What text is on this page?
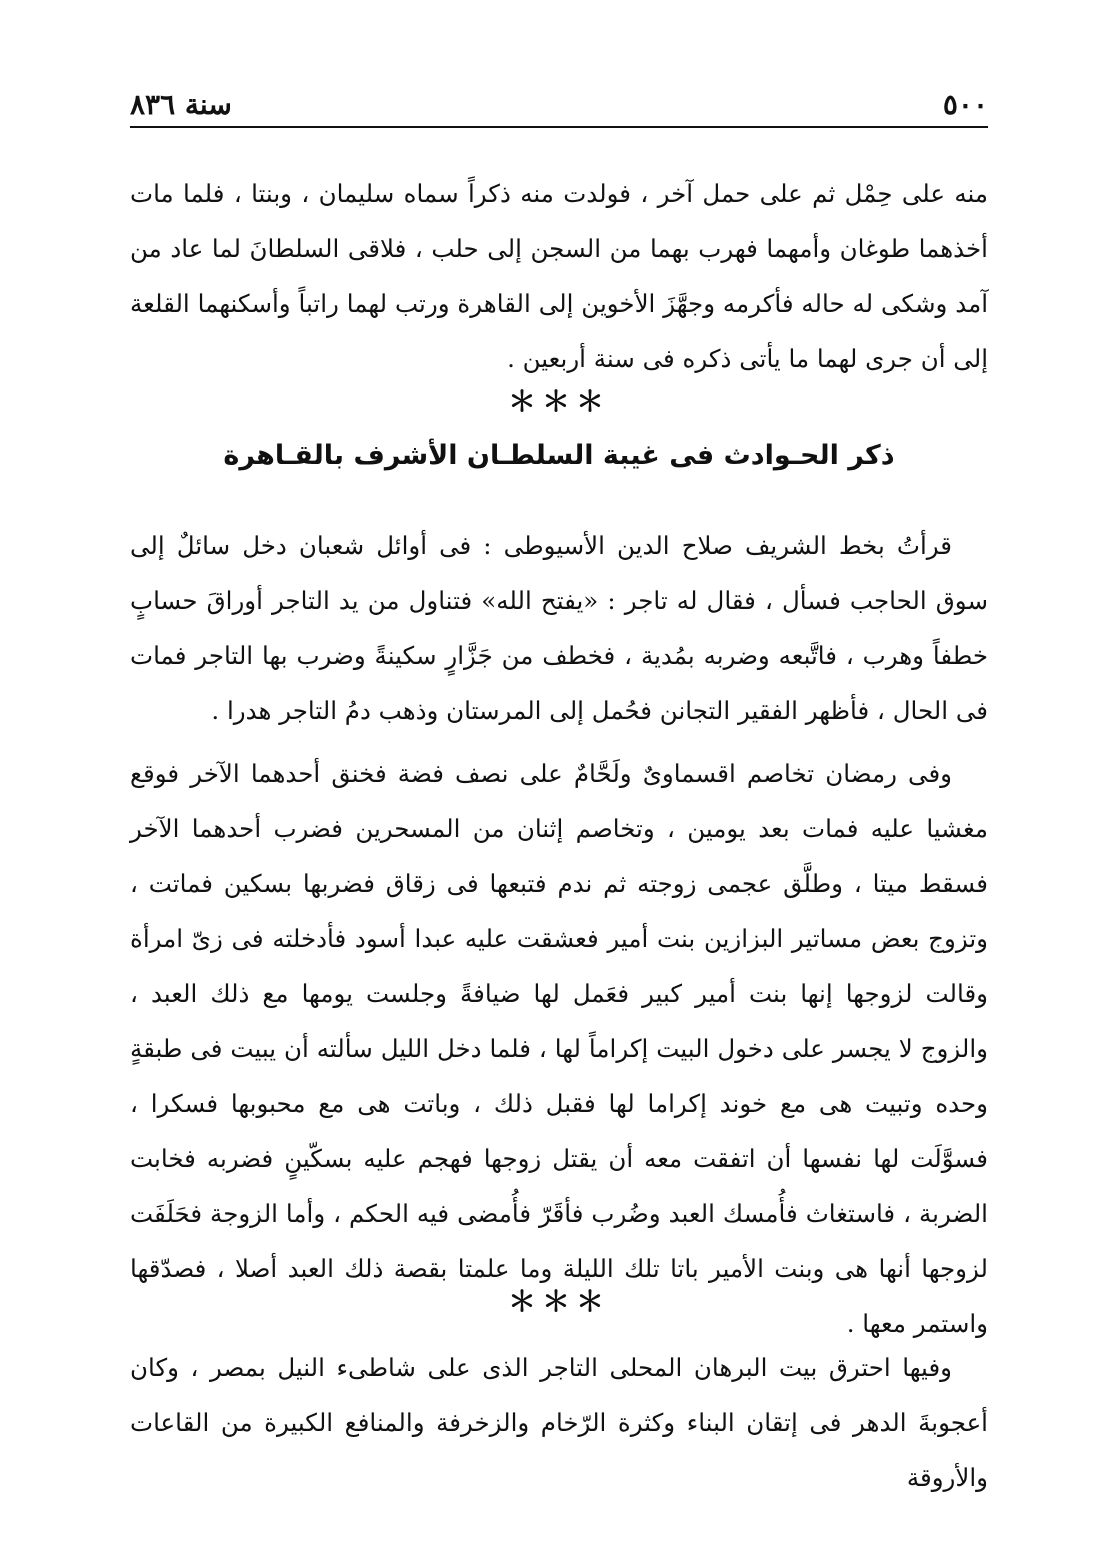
٥٠٠
سنة ٨٣٦

منه على حِمْل ثم على حمل آخر ، فولدت منه ذكراً سماه سليمان ، وبنتا ، فلما مات أخذهما طوغان وأمهما فهرب بهما من السجن إلى حلب ، فلاقى السلطانَ لما عاد من آمد وشكى له حاله فأكرمه وجهَّزَ الأخوين إلى القاهرة ورتب لهما راتباً وأسكنهما القلعة إلى أن جرى لهما ما يأتى ذكره فى سنة أربعين .

＊＊＊
ذكر الحـوادث فى غيبة السلطـان الأشرف بالقـاهرة

قرأتُ بخط الشريف صلاح الدين الأسيوطى : فى أوائل شعبان دخل سائلٌ إلى سوق الحاجب فسأل ، فقال له تاجر : «يفتح الله» فتناول من يد التاجر أوراقَ حسابٍ خطفاً وهرب ، فاتَّبعه وضربه بمُدية ، فخطف من جَزَّارٍ سكينةً وضرب بها التاجر فمات فى الحال ، فأظهر الفقير التجانن فحُمل إلى المرستان وذهب دمُ التاجر هدرا .

وفى رمضان تخاصم اقسماوىٌ ولَحَّامٌ على نصف فضة فخنق أحدهما الآخر فوقع مغشيا عليه فمات بعد يومين ، وتخاصم إثنان من المسحرين فضرب أحدهما الآخر فسقط ميتا ، وطلَّق عجمى زوجته ثم ندم فتبعها فى زقاق فضربها بسكين فماتت ، وتزوج بعض مساتير البزازين بنت أمير فعشقت عليه عبدا أسود فأدخلته فى زىّ امرأة وقالت لزوجها إنها بنت أمير كبير فعَمل لها ضيافةً وجلست يومها مع ذلك العبد ، والزوج لا يجسر على دخول البيت إكراماً لها ، فلما دخل الليل سألته أن يبيت فى طبقةٍ وحده وتبيت هى مع خوند إكراما لها فقبل ذلك ، وباتت هى مع محبوبها فسكرا ، فسوَّلَت لها نفسها أن اتفقت معه أن يقتل زوجها فهجم عليه بسكّينٍ فضربه فخابت الضربة ، فاستغاث فأُمسك العبد وضُرب فأقَرّ فأُمضى فيه الحكم ، وأما الزوجة فحَلَفَت لزوجها أنها هى وبنت الأمير باتا تلك الليلة وما علمتا بقصة ذلك العبد أصلا ، فصدّقها واستمر معها .

＊＊＊

وفيها احترق بيت البرهان المحلى التاجر الذى على شاطىء النيل بمصر ، وكان أعجوبةَ الدهر فى إتقان البناء وكثرة الرّخام والزخرفة والمنافع الكبيرة من القاعات والأروقة
